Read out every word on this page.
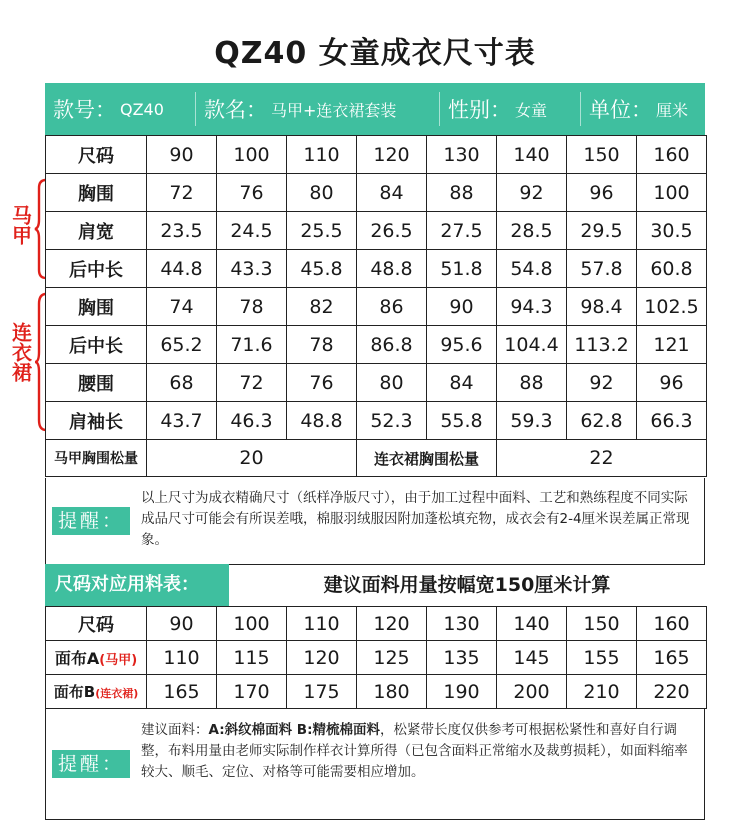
QZ40 女童成衣尺寸表
款号： QZ40 款名： 马甲+连衣裙套装 性别： 女童 单位： 厘米
马甲
连衣裙
尺码	90	100	110	120	130	140	150	160
胸围	72	76	80	84	88	92	96	100
肩宽	23.5	24.5	25.5	26.5	27.5	28.5	29.5	30.5
后中长	44.8	43.3	45.8	48.8	51.8	54.8	57.8	60.8
胸围	74	78	82	86	90	94.3	98.4	102.5
后中长	65.2	71.6	78	86.8	95.6	104.4	113.2	121
腰围	68	72	76	80	84	88	92	96
肩袖长	43.7	46.3	48.8	52.3	55.8	59.3	62.8	66.3
马甲胸围松量	20			连衣裙胸围松量		22		
提醒：
以上尺寸为成衣精确尺寸（纸样净版尺寸），由于加工过程中面料、工艺和熟练程度不同实际成品尺寸可能会有所误差哦，棉服羽绒服因附加蓬松填充物，成衣会有2-4厘米误差属正常现象。
尺码对应用料表：	建议面料用量按幅宽150厘米计算
尺码	90	100	110	120	130	140	150	160
面布A(马甲)	110	115	120	125	135	145	155	165
面布B(连衣裙)	165	170	175	180	190	200	210	220
提醒：
建议面料：A:斜纹棉面料 B:精梳棉面料，松紧带长度仅供参考可根据松紧性和喜好自行调整，布料用量由老师实际制作样衣计算所得（已包含面料正常缩水及裁剪损耗），如面料缩率较大、顺毛、定位、对格等可能需要相应增加。
